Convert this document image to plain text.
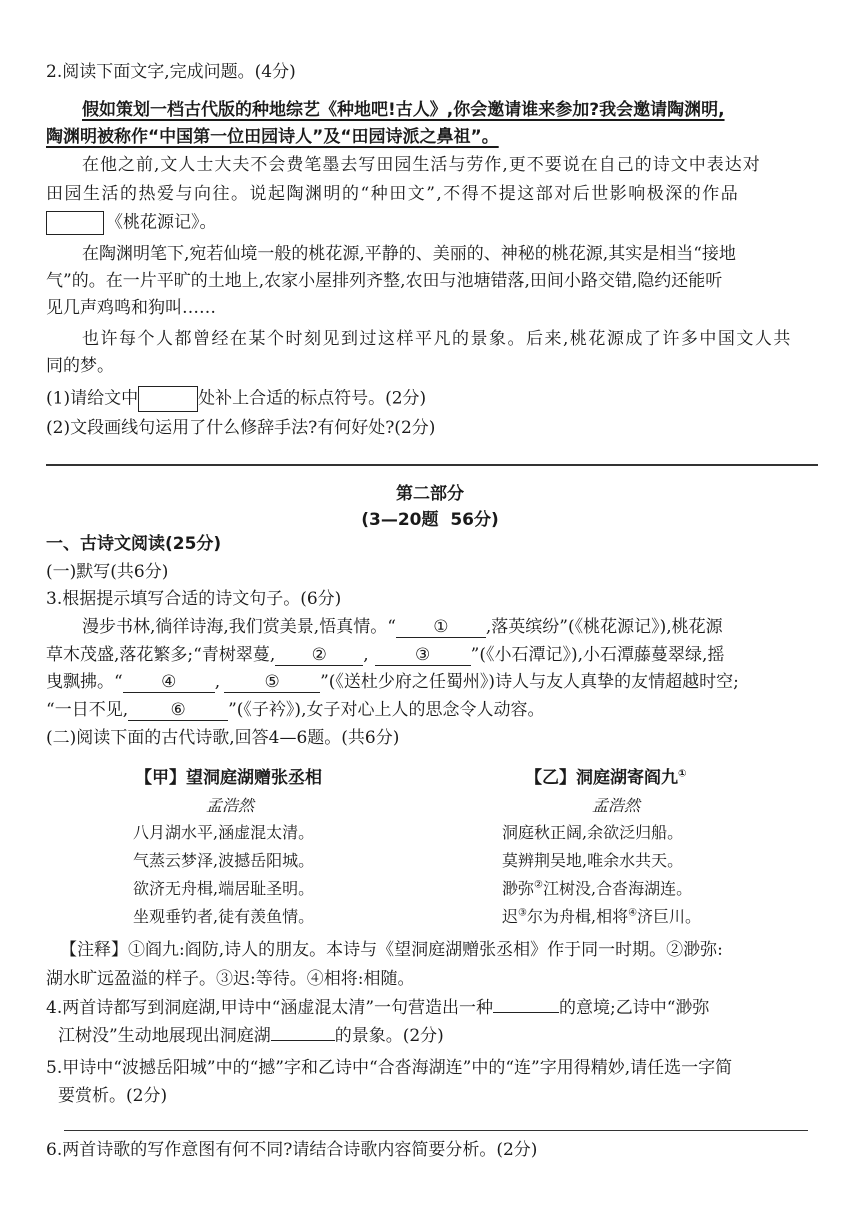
2.阅读下面文字,完成问题。(4分)
假如策划一档古代版的种地综艺《种地吧!古人》,你会邀请谁来参加?我会邀请陶渊明,
陶渊明被称作“中国第一位田园诗人”及“田园诗派之鼻祖”。
在他之前,文人士大夫不会费笔墨去写田园生活与劳作,更不要说在自己的诗文中表达对
田园生活的热爱与向往。说起陶渊明的“种田文”,不得不提这部对后世影响极深的作品
《桃花源记》。
在陶渊明笔下,宛若仙境一般的桃花源,平静的、美丽的、神秘的桃花源,其实是相当“接地
气”的。在一片平旷的土地上,农家小屋排列齐整,农田与池塘错落,田间小路交错,隐约还能听
见几声鸡鸣和狗叫……
也许每个人都曾经在某个时刻见到过这样平凡的景象。后来,桃花源成了许多中国文人共
同的梦。
(1)请给文中	处补上合适的标点符号。(2分)
(2)文段画线句运用了什么修辞手法?有何好处?(2分)
第二部分
(3—20题  56分)
一、古诗文阅读(25分)
(一)默写(共6分)
3.根据提示填写合适的诗文句子。(6分)
漫步书林,徜徉诗海,我们赏美景,悟真情。“ ① ,落英缤纷”(《桃花源记》),桃花源
草木茂盛,落花繁多;“青树翠蔓, ② ,	③ ”(《小石潭记》),小石潭藤蔓翠绿,摇
曳飘拂。“ ④ ,	⑤ ”(《送杜少府之任蜀州》)诗人与友人真挚的友情超越时空;
“一日不见, ⑥ ”(《子衿》),女子对心上人的思念令人动容。
(二)阅读下面的古代诗歌,回答4—6题。(共6分)
【甲】望洞庭湖赠张丞相
孟浩然
八月湖水平,涵虚混太清。
气蒸云梦泽,波撼岳阳城。
欲济无舟楫,端居耻圣明。
坐观垂钓者,徒有羡鱼情。
【乙】洞庭湖寄阎九①
孟浩然
洞庭秋正阔,余欲泛归船。
莫辨荆吴地,唯余水共天。
渺弥②江树没,合沓海湖连。
迟③尔为舟楫,相将④济巨川。
【注释】①阎九:阎防,诗人的朋友。本诗与《望洞庭湖赠张丞相》作于同一时期。②渺弥:
湖水旷远盈溢的样子。③迟:等待。④相将:相随。
4.两首诗都写到洞庭湖,甲诗中“涵虚混太清”一句营造出一种	的意境;乙诗中“渺弥
江树没”生动地展现出洞庭湖	的景象。(2分)
5.甲诗中“波撼岳阳城”中的“撼”字和乙诗中“合沓海湖连”中的“连”字用得精妙,请任选一字简
要赏析。(2分)
6.两首诗歌的写作意图有何不同?请结合诗歌内容简要分析。(2分)
